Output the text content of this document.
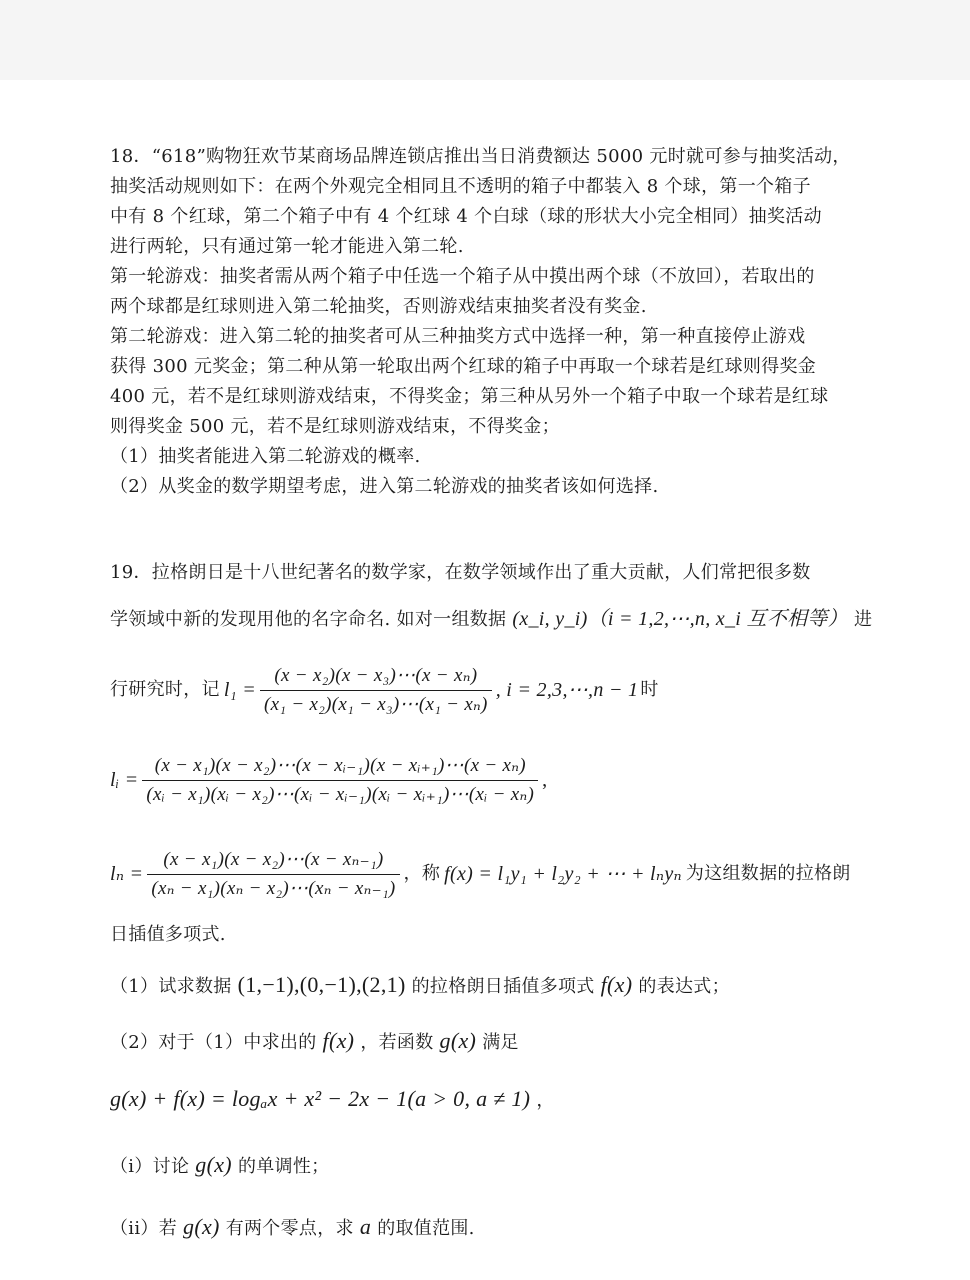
18．“618”购物狂欢节某商场品牌连锁店推出当日消费额达 5000 元时就可参与抽奖活动，
抽奖活动规则如下：在两个外观完全相同且不透明的箱子中都装入 8 个球，第一个箱子
中有 8 个红球，第二个箱子中有 4 个红球 4 个白球（球的形状大小完全相同）抽奖活动
进行两轮，只有通过第一轮才能进入第二轮.
第一轮游戏：抽奖者需从两个箱子中任选一个箱子从中摸出两个球（不放回），若取出的
两个球都是红球则进入第二轮抽奖，否则游戏结束抽奖者没有奖金.
第二轮游戏：进入第二轮的抽奖者可从三种抽奖方式中选择一种，第一种直接停止游戏
获得 300 元奖金；第二种从第一轮取出两个红球的箱子中再取一个球若是红球则得奖金
400 元，若不是红球则游戏结束，不得奖金；第三种从另外一个箱子中取一个球若是红球
则得奖金 500 元，若不是红球则游戏结束，不得奖金；
（1）抽奖者能进入第二轮游戏的概率.
（2）从奖金的数学期望考虑，进入第二轮游戏的抽奖者该如何选择.
19．拉格朗日是十八世纪著名的数学家，在数学领域作出了重大贡献，人们常把很多数
学领域中新的发现用他的名字命名. 如对一组数据 (x_i, y_i)（i = 1,2,⋯,n, x_i 互不相等） 进
行研究时，记 $l_1 = \frac{\text{(x − x₂)(x − x₃)⋯(x − xₙ)}}{\text{(x₁ − x₂)(x₁ − x₃)⋯(x₁ − xₙ)}}$ , i = 2,3,⋯,n − 1 时
lᵢ = $\frac{\text{(x − x₁)(x − x₂)⋯(x − xᵢ₋₁)(x − xᵢ₊₁)⋯(x − xₙ)}}{\text{(xᵢ − x₁)(xᵢ − x₂)⋯(xᵢ − xᵢ₋₁)(xᵢ − xᵢ₊₁)⋯(xᵢ − xₙ)}}$ ,
$l_n = \frac{\text{(x − x₁)(x − x₂)⋯(x − xₙ₋₁)}}{\text{(xₙ − x₁)(xₙ − x₂)⋯(xₙ − xₙ₋₁)}}$ ，称 f(x) = l₁y₁ + l₂y₂ + ⋯ + lₙyₙ 为这组数据的拉格朗
日插值多项式.
（1）试求数据 (1,−1),(0,−1),(2,1) 的拉格朗日插值多项式 f(x) 的表达式；
（2）对于（1）中求出的 f(x) ，若函数 g(x) 满足
g(x) + f(x) = logₐx + x² − 2x − 1(a > 0, a ≠ 1) ，
（i）讨论 g(x) 的单调性；
（ii）若 g(x) 有两个零点，求 a 的取值范围.
